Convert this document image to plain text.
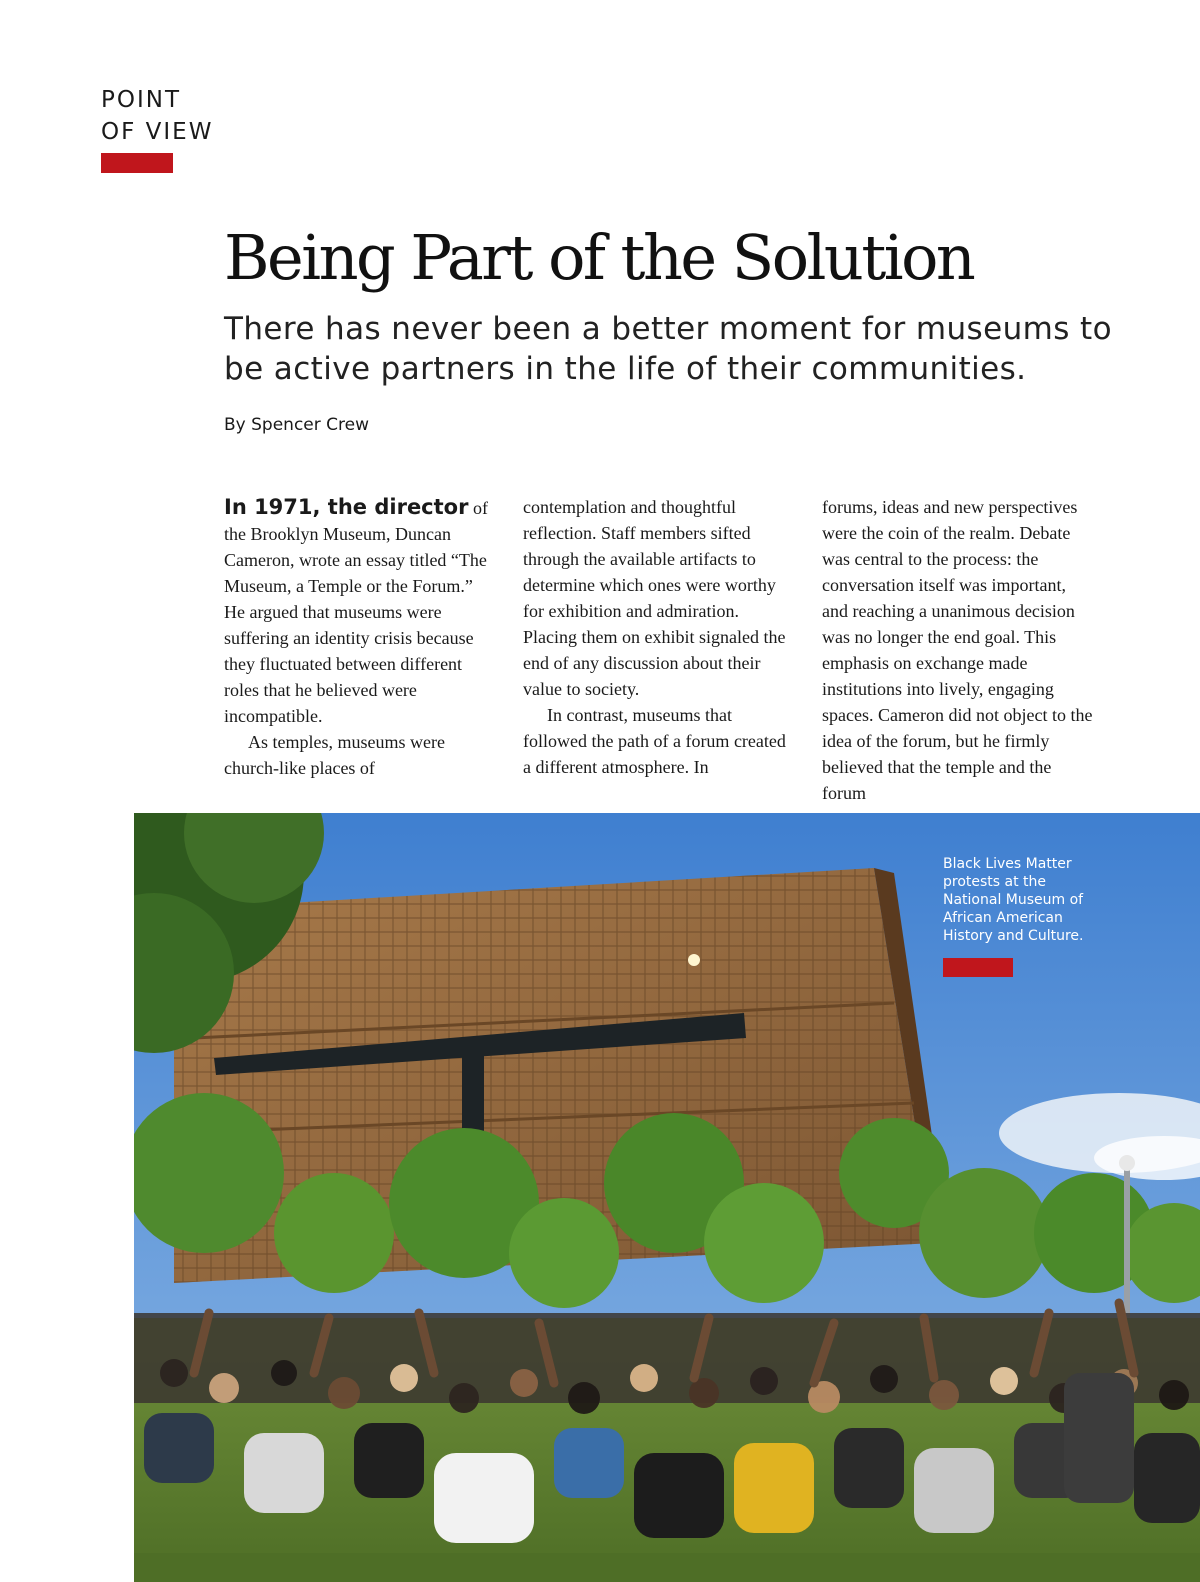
POINT
OF VIEW
Being Part of the Solution
There has never been a better moment for museums to be active partners in the life of their communities.
By Spencer Crew

In 1971, the director of the Brooklyn Museum, Duncan Cameron, wrote an essay titled “The Museum, a Temple or the Forum.” He argued that museums were suffering an identity crisis because they fluctuated between different roles that he believed were incompatible.

As temples, museums were church-like places of

contemplation and thoughtful reflection. Staff members sifted through the available artifacts to determine which ones were worthy for exhibition and admiration. Placing them on exhibit signaled the end of any discussion about their value to society.

In contrast, museums that followed the path of a forum created a different atmosphere. In

forums, ideas and new perspectives were the coin of the realm. Debate was central to the process: the conversation itself was important, and reaching a unanimous decision was no longer the end goal. This emphasis on exchange made institutions into lively, engaging spaces. Cameron did not object to the idea of the forum, but he firmly believed that the temple and the forum

Black Lives Matter protests at the National Museum of African American History and Culture.
